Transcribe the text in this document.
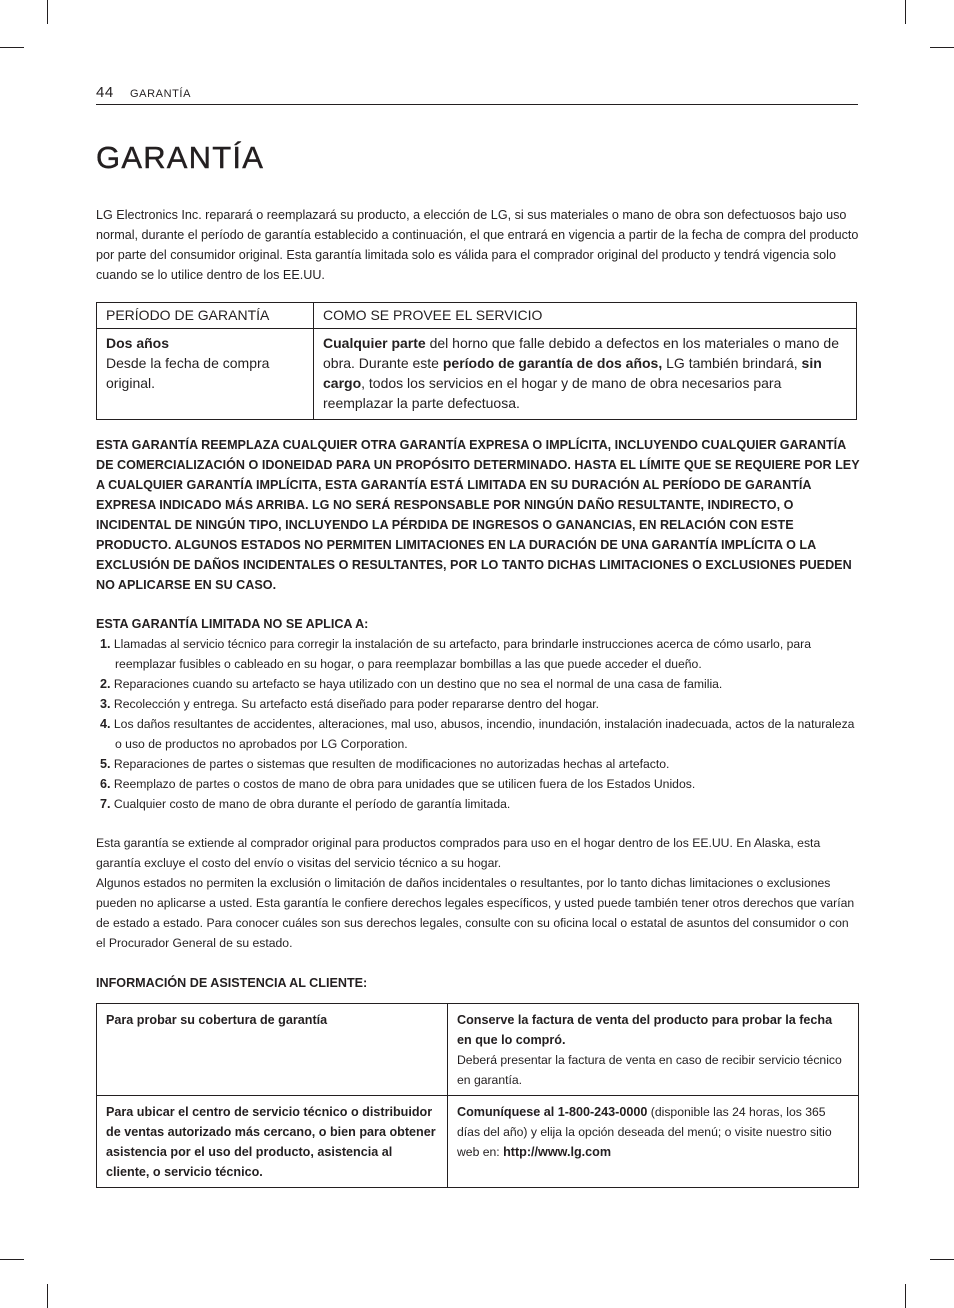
44 GARANTÍA
GARANTÍA

LG Electronics Inc. reparará o reemplazará su producto, a elección de LG, si sus materiales o mano de obra son defectuosos bajo uso normal, durante el período de garantía establecido a continuación, el que entrará en vigencia a partir de la fecha de compra del producto por parte del consumidor original. Esta garantía limitada solo es válida para el comprador original del producto y tendrá vigencia solo cuando se lo utilice dentro de los EE.UU.

PERÍODO DE GARANTÍA	COMO SE PROVEE EL SERVICIO

Dos años
Desde la fecha de compra original.	Cualquier parte del horno que falle debido a defectos en los materiales o mano de obra. Durante este período de garantía de dos años, LG también brindará, sin cargo, todos los servicios en el hogar y de mano de obra necesarios para reemplazar la parte defectuosa.

ESTA GARANTÍA REEMPLAZA CUALQUIER OTRA GARANTÍA EXPRESA O IMPLÍCITA, INCLUYENDO CUALQUIER GARANTÍA DE COMERCIALIZACIÓN O IDONEIDAD PARA UN PROPÓSITO DETERMINADO. HASTA EL LÍMITE QUE SE REQUIERE POR LEY A CUALQUIER GARANTÍA IMPLÍCITA, ESTA GARANTÍA ESTÁ LIMITADA EN SU DURACIÓN AL PERÍODO DE GARANTÍA EXPRESA INDICADO MÁS ARRIBA. LG NO SERÁ RESPONSABLE POR NINGÚN DAÑO RESULTANTE, INDIRECTO, O INCIDENTAL DE NINGÚN TIPO, INCLUYENDO LA PÉRDIDA DE INGRESOS O GANANCIAS, EN RELACIÓN CON ESTE PRODUCTO. ALGUNOS ESTADOS NO PERMITEN LIMITACIONES EN LA DURACIÓN DE UNA GARANTÍA IMPLÍCITA O LA EXCLUSIÓN DE DAÑOS INCIDENTALES O RESULTANTES, POR LO TANTO DICHAS LIMITACIONES O EXCLUSIONES PUEDEN NO APLICARSE EN SU CASO.

ESTA GARANTÍA LIMITADA NO SE APLICA A:
1. Llamadas al servicio técnico para corregir la instalación de su artefacto, para brindarle instrucciones acerca de cómo usarlo, para reemplazar fusibles o cableado en su hogar, o para reemplazar bombillas a las que puede acceder el dueño.
2. Reparaciones cuando su artefacto se haya utilizado con un destino que no sea el normal de una casa de familia.
3. Recolección y entrega. Su artefacto está diseñado para poder repararse dentro del hogar.
4. Los daños resultantes de accidentes, alteraciones, mal uso, abusos, incendio, inundación, instalación inadecuada, actos de la naturaleza o uso de productos no aprobados por LG Corporation.
5. Reparaciones de partes o sistemas que resulten de modificaciones no autorizadas hechas al artefacto.
6. Reemplazo de partes o costos de mano de obra para unidades que se utilicen fuera de los Estados Unidos.
7. Cualquier costo de mano de obra durante el período de garantía limitada.

Esta garantía se extiende al comprador original para productos comprados para uso en el hogar dentro de los EE.UU. En Alaska, esta garantía excluye el costo del envío o visitas del servicio técnico a su hogar.

Algunos estados no permiten la exclusión o limitación de daños incidentales o resultantes, por lo tanto dichas limitaciones o exclusiones pueden no aplicarse a usted. Esta garantía le confiere derechos legales específicos, y usted puede también tener otros derechos que varían de estado a estado. Para conocer cuáles son sus derechos legales, consulte con su oficina local o estatal de asuntos del consumidor o con el Procurador General de su estado.

INFORMACIÓN DE ASISTENCIA AL CLIENTE:
Para probar su cobertura de garantía	Conserve la factura de venta del producto para probar la fecha en que lo compró.
Deberá presentar la factura de venta en caso de recibir servicio técnico en garantía.

Para ubicar el centro de servicio técnico o distribuidor de ventas autorizado más cercano, o bien para obtener asistencia por el uso del producto, asistencia al cliente, o servicio técnico.	Comuníquese al 1-800-243-0000 (disponible las 24 horas, los 365 días del año) y elija la opción deseada del menú; o visite nuestro sitio web en: http://www.lg.com
